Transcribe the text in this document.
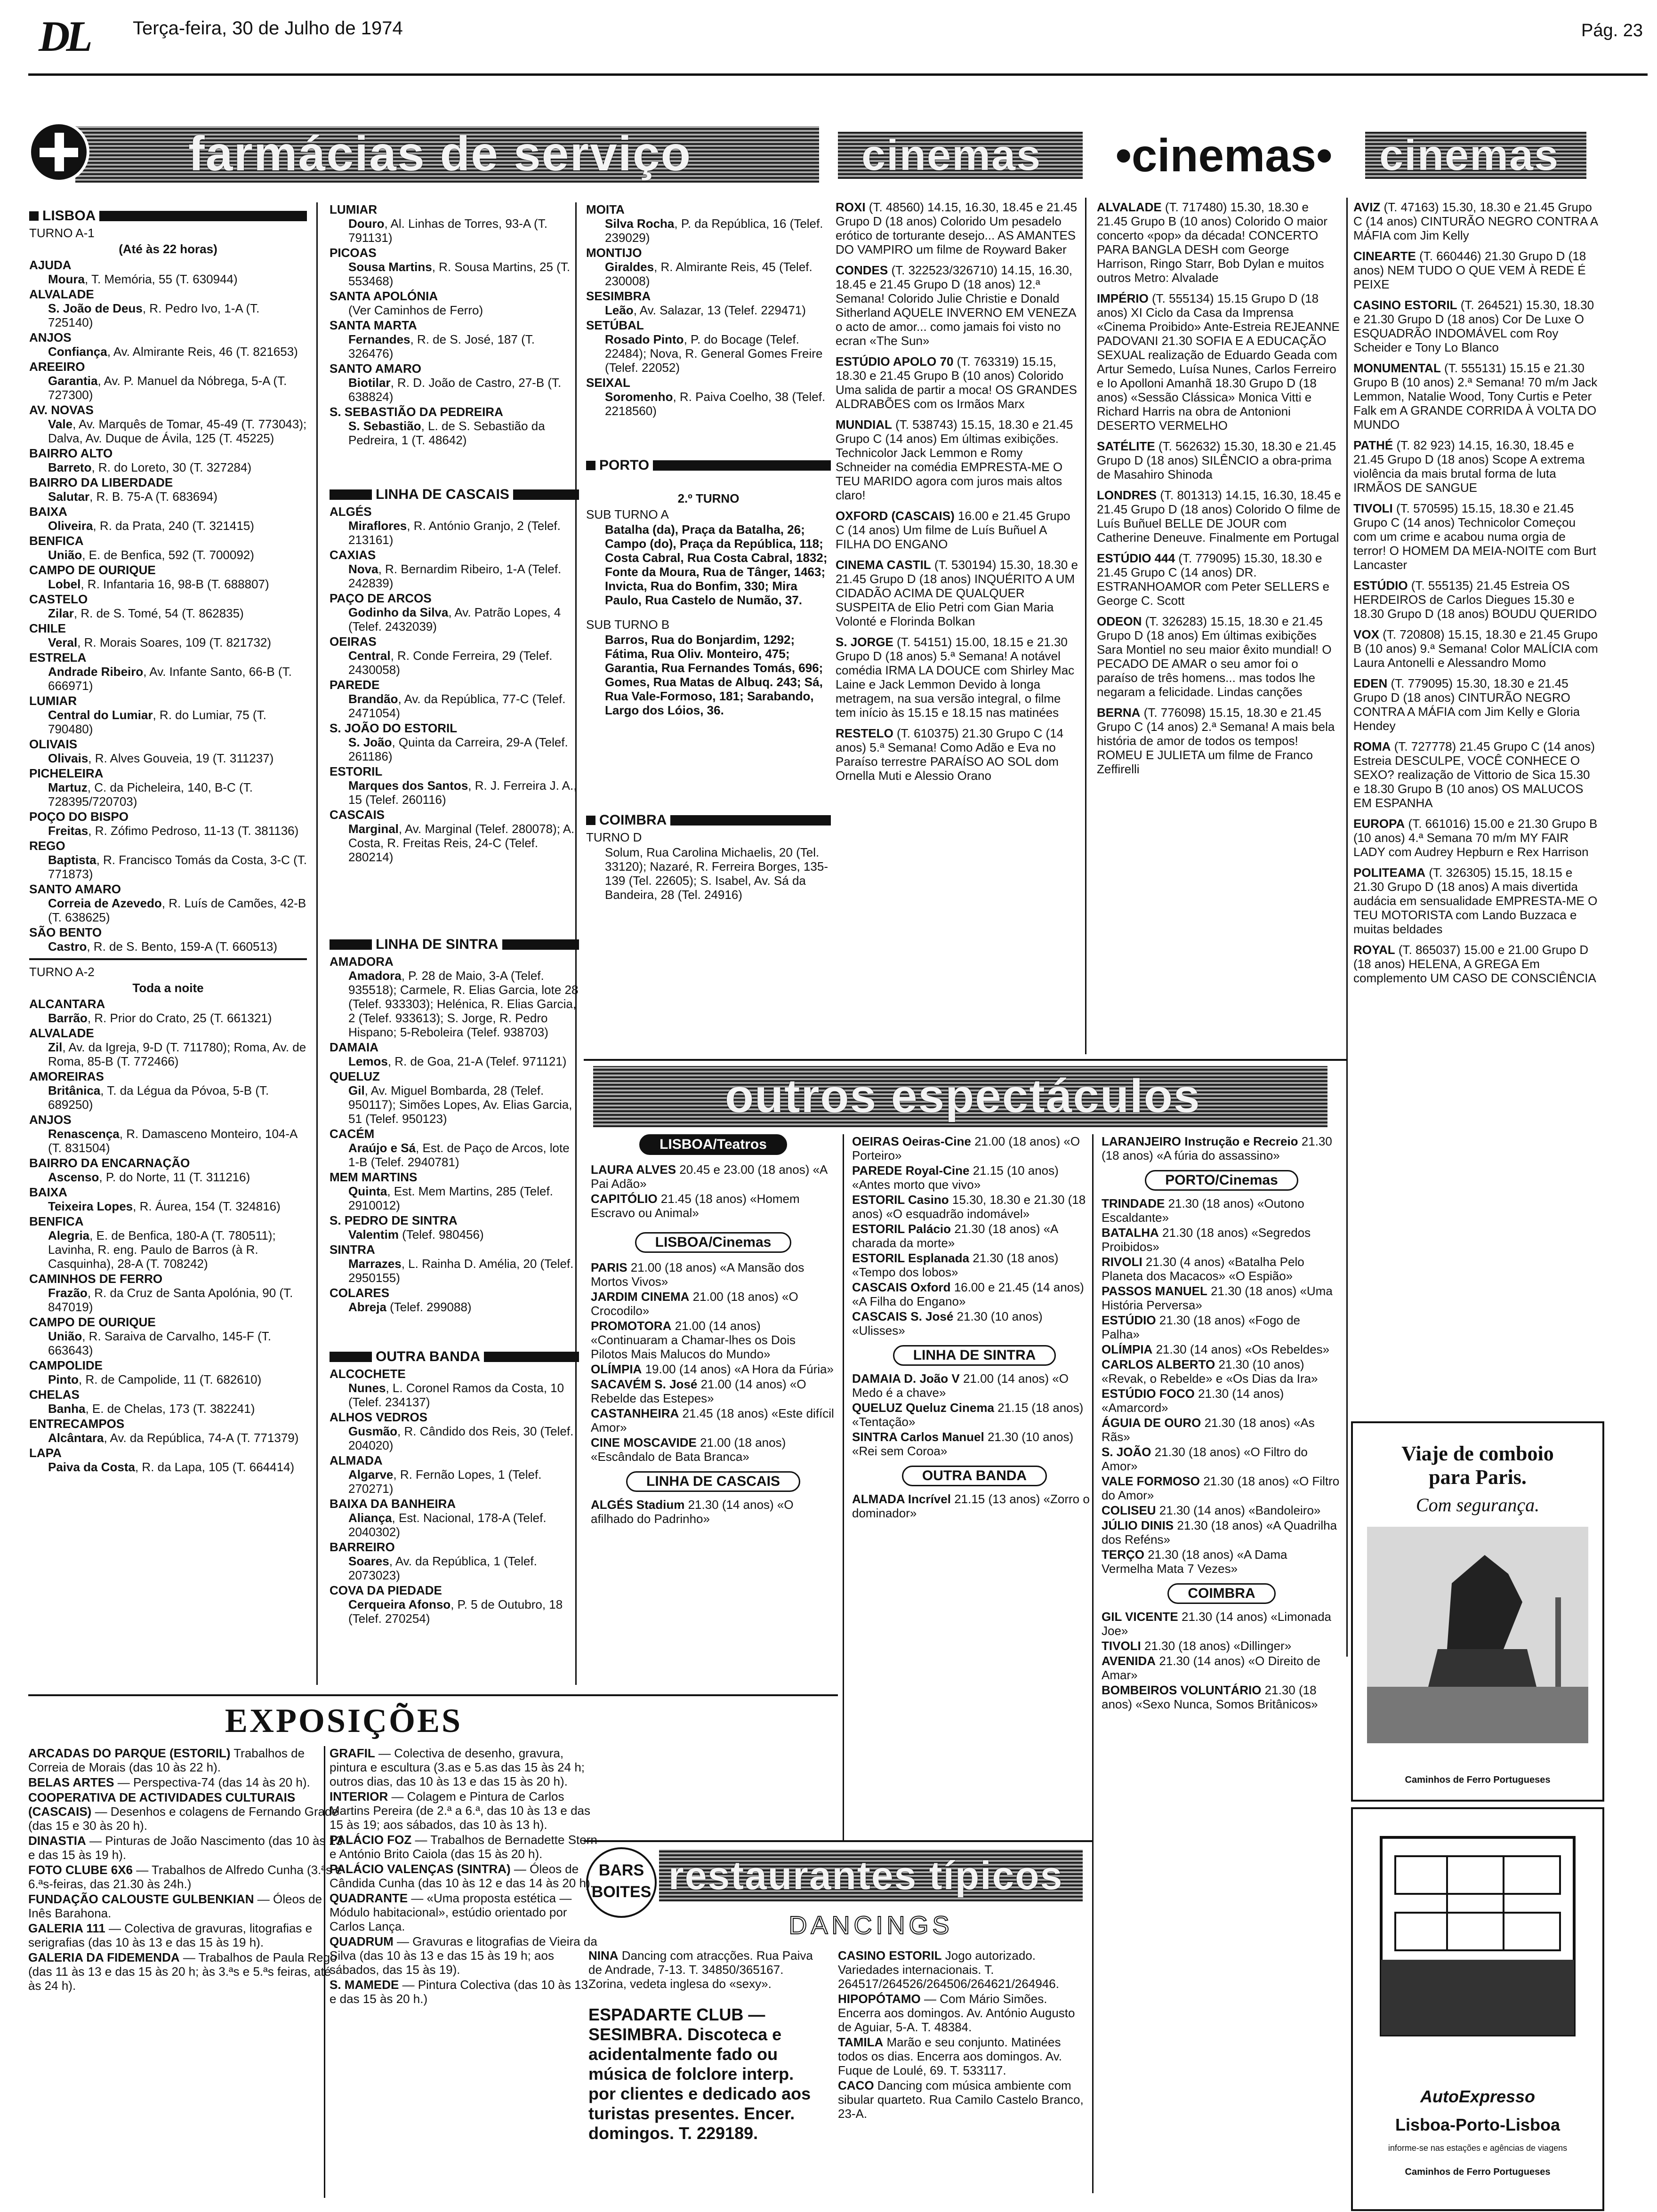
DL Terça-feira, 30 de Julho de 1974	Pág. 23
farmácias de serviço
LISBOA
TURNO A-1
(Até às 22 horas)
AJUDA
Moura, T. Memória, 55 (T. 630944)
ALVALADE
S. João de Deus, R. Pedro Ivo, 1-A (T. 725140)
ANJOS
Confiança, Av. Almirante Reis, 46 (T. 821653)
AREEIRO
Garantia, Av. P. Manuel da Nóbrega, 5-A (T. 727300)
AV. NOVAS
Vale, Av. Marquês de Tomar, 45-49 (T. 773043); Dalva, Av. Duque de Ávila, 125 (T. 45225)
BAIRRO ALTO
Barreto, R. do Loreto, 30 (T. 327284)
BAIRRO DA LIBERDADE
Salutar, R. B. 75-A (T. 683694)
BAIXA
Oliveira, R. da Prata, 240 (T. 321415)
BENFICA
União, E. de Benfica, 592 (T. 700092)
CAMPO DE OURIQUE
Lobel, R. Infantaria 16, 98-B (T. 688807)
CASTELO
Zilar, R. de S. Tomé, 54 (T. 862835)
CHILE
Veral, R. Morais Soares, 109 (T. 821732)
ESTRELA
Andrade Ribeiro, Av. Infante Santo, 66-B (T. 666971)
LUMIAR
Central do Lumiar, R. do Lumiar, 75 (T. 790480)
OLIVAIS
Olivais, R. Alves Gouveia, 19 (T. 311237)
PICHELEIRA
Martuz, C. da Picheleira, 140, B-C (T. 728395/720703)
POÇO DO BISPO
Freitas, R. Zófimo Pedroso, 11-13 (T. 381136)
REGO
Baptista, R. Francisco Tomás da Costa, 3-C (T. 771873)
SANTO AMARO
Correia de Azevedo, R. Luís de Camões, 42-B (T. 638625)
SÃO BENTO
Castro, R. de S. Bento, 159-A (T. 660513)
TURNO A-2
Toda a noite
ALCANTARA
Barrão, R. Prior do Crato, 25 (T. 661321)
ALVALADE
Zil, Av. da Igreja, 9-D (T. 711780); Roma, Av. de Roma, 85-B (T. 772466)
AMOREIRAS
Britânica, T. da Légua da Póvoa, 5-B (T. 689250)
ANJOS
Renascença, R. Damasceno Monteiro, 104-A (T. 831504)
BAIRRO DA ENCARNAÇÃO
Ascenso, P. do Norte, 11 (T. 311216)
BAIXA
Teixeira Lopes, R. Áurea, 154 (T. 324816)
BENFICA
Alegria, E. de Benfica, 180-A (T. 780511); Lavinha, R. eng. Paulo de Barros (à R. Casquinha), 28-A (T. 708242)
CAMINHOS DE FERRO
Frazão, R. da Cruz de Santa Apolónia, 90 (T. 847019)
CAMPO DE OURIQUE
União, R. Saraiva de Carvalho, 145-F (T. 663643)
CAMPOLIDE
Pinto, R. de Campolide, 11 (T. 682610)
CHELAS
Banha, E. de Chelas, 173 (T. 382241)
ENTRECAMPOS
Alcântara, Av. da República, 74-A (T. 771379)
LAPA
Paiva da Costa, R. da Lapa, 105 (T. 664414)
LUMIAR
Douro, Al. Linhas de Torres, 93-A (T. 791131)
PICOAS
Sousa Martins, R. Sousa Martins, 25 (T. 553468)
SANTA APOLÓNIA
(Ver Caminhos de Ferro)
SANTA MARTA
Fernandes, R. de S. José, 187 (T. 326476)
SANTO AMARO
Biotilar, R. D. João de Castro, 27-B (T. 638824)
S. SEBASTIÃO DA PEDREIRA
S. Sebastião, L. de S. Sebastião da Pedreira, 1 (T. 48642)
LINHA DE CASCAIS
ALGÉS
Miraflores, R. António Granjo, 2 (Telef. 213161)
CAXIAS
Nova, R. Bernardim Ribeiro, 1-A (Telef. 242839)
PAÇO DE ARCOS
Godinho da Silva, Av. Patrão Lopes, 4 (Telef. 2432039)
OEIRAS
Central, R. Conde Ferreira, 29 (Telef. 2430058)
PAREDE
Brandão, Av. da República, 77-C (Telef. 2471054)
S. JOÃO DO ESTORIL
S. João, Quinta da Carreira, 29-A (Telef. 261186)
ESTORIL
Marques dos Santos, R. J. Ferreira J. A., 15 (Telef. 260116)
CASCAIS
Marginal, Av. Marginal (Telef. 280078); A. Costa, R. Freitas Reis, 24-C (Telef. 280214)
LINHA DE SINTRA
AMADORA
Amadora, P. 28 de Maio, 3-A (Telef. 935518); Carmele, R. Elias Garcia, lote 28 (Telef. 933303); Helénica, R. Elias Garcia, 2 (Telef. 933613); S. Jorge, R. Pedro Hispano; 5-Reboleira (Telef. 938703)
DAMAIA
Lemos, R. de Goa, 21-A (Telef. 971121)
QUELUZ
Gil, Av. Miguel Bombarda, 28 (Telef. 950117); Simões Lopes, Av. Elias Garcia, 51 (Telef. 950123)
CACÉM
Araújo e Sá, Est. de Paço de Arcos, lote 1-B (Telef. 2940781)
MEM MARTINS
Quinta, Est. Mem Martins, 285 (Telef. 2910012)
S. PEDRO DE SINTRA
Valentim (Telef. 980456)
SINTRA
Marrazes, L. Rainha D. Amélia, 20 (Telef. 2950155)
COLARES
Abreja (Telef. 299088)
OUTRA BANDA
ALCOCHETE
Nunes, L. Coronel Ramos da Costa, 10 (Telef. 234137)
ALHOS VEDROS
Gusmão, R. Cândido dos Reis, 30 (Telef. 204020)
ALMADA
Algarve, R. Fernão Lopes, 1 (Telef. 270271)
BAIXA DA BANHEIRA
Aliança, Est. Nacional, 178-A (Telef. 2040302)
BARREIRO
Soares, Av. da República, 1 (Telef. 2073023)
COVA DA PIEDADE
Cerqueira Afonso, P. 5 de Outubro, 18 (Telef. 270254)
MOITA
Silva Rocha, P. da República, 16 (Telef. 239029)
MONTIJO
Giraldes, R. Almirante Reis, 45 (Telef. 230008)
SESIMBRA
Leão, Av. Salazar, 13 (Telef. 229471)
SETÚBAL
Rosado Pinto, P. do Bocage (Telef. 22484); Nova, R. General Gomes Freire (Telef. 22052)
SEIXAL
Soromenho, R. Paiva Coelho, 38 (Telef. 2218560)
PORTO
2.º TURNO
SUB TURNO A
Batalha (da), Praça da Batalha, 26; Campo (do), Praça da República, 118; Costa Cabral, Rua Costa Cabral, 1832; Fonte da Moura, Rua de Tânger, 1463; Invicta, Rua do Bonfim, 330; Mira Paulo, Rua Castelo de Numão, 37.
SUB TURNO B
Barros, Rua do Bonjardim, 1292; Fátima, Rua Oliv. Monteiro, 475; Garantia, Rua Fernandes Tomás, 696; Gomes, Rua Matas de Albuq. 243; Sá, Rua Vale-Formoso, 181; Sarabando, Largo dos Lóios, 36.
COIMBRA
TURNO D
Solum, Rua Carolina Michaelis, 20 (Tel. 33120); Nazaré, R. Ferreira Borges, 135-139 (Tel. 22605); S. Isabel, Av. Sá da Bandeira, 28 (Tel. 24916)
EXPOSIÇÕES
ARCADAS DO PARQUE (ESTORIL) Trabalhos de Correia de Morais (das 10 às 22 h).
BELAS ARTES — Perspectiva-74 (das 14 às 20 h).
COOPERATIVA DE ACTIVIDADES CULTURAIS (CASCAIS) — Desenhos e colagens de Fernando Grade (das 15 e 30 às 20 h).
DINASTIA — Pinturas de João Nascimento (das 10 às 13 e das 15 às 19 h).
FOTO CLUBE 6X6 — Trabalhos de Alfredo Cunha (3.ªs e 6.ªs-feiras, das 21.30 às 24h.)
FUNDAÇÃO CALOUSTE GULBENKIAN — Óleos de Inês Barahona.
GALERIA 111 — Colectiva de gravuras, litografias e serigrafias (das 10 às 13 e das 15 às 19 h).
GALERIA DA FIDEMENDA — Trabalhos de Paula Rego (das 11 às 13 e das 15 às 20 h; às 3.ªs e 5.ªs feiras, até às 24 h).
GRAFIL — Colectiva de desenho, gravura, pintura e escultura (3.as e 5.as das 15 às 24 h; outros dias, das 10 às 13 e das 15 às 20 h).
INTERIOR — Colagem e Pintura de Carlos Martins Pereira (de 2.ª a 6.ª, das 10 às 13 e das 15 às 19; aos sábados, das 10 às 13 h).
PALÁCIO FOZ — Trabalhos de Bernadette Stern e António Brito Caiola (das 15 às 20 h).
PALÁCIO VALENÇAS (SINTRA) — Óleos de Cândida Cunha (das 10 às 12 e das 14 às 20 h).
QUADRANTE — «Uma proposta estética — Módulo habitacional», estúdio orientado por Carlos Lança.
QUADRUM — Gravuras e litografias de Vieira da Silva (das 10 às 13 e das 15 às 19 h; aos sábados, das 15 às 19).
S. MAMEDE — Pintura Colectiva (das 10 às 13 e das 15 às 20 h.)
cinemas	•cinemas•	cinemas
ROXI (T. 48560) 14.15, 16.30, 18.45 e 21.45 Grupo D (18 anos) Colorido Um pesadelo erótico de torturante desejo... AS AMANTES DO VAMPIRO um filme de Royward Baker
CONDES (T. 322523/326710) 14.15, 16.30, 18.45 e 21.45 Grupo D (18 anos) 12.ª Semana! Colorido Julie Christie e Donald Sitherland AQUELE INVERNO EM VENEZA o acto de amor... como jamais foi visto no ecran «The Sun»
ESTÚDIO APOLO 70 (T. 763319) 15.15, 18.30 e 21.45 Grupo B (10 anos) Colorido Uma salida de partir a moca! OS GRANDES ALDRABÕES com os Irmãos Marx
MUNDIAL (T. 538743) 15.15, 18.30 e 21.45 Grupo C (14 anos) Em últimas exibições. Technicolor Jack Lemmon e Romy Schneider na comédia EMPRESTA-ME O TEU MARIDO agora com juros mais altos claro!
OXFORD (CASCAIS) 16.00 e 21.45 Grupo C (14 anos) Um filme de Luís Buñuel A FILHA DO ENGANO
CINEMA CASTIL (T. 530194) 15.30, 18.30 e 21.45 Grupo D (18 anos) INQUÉRITO A UM CIDADÃO ACIMA DE QUALQUER SUSPEITA de Elio Petri com Gian Maria Volonté e Florinda Bolkan
S. JORGE (T. 54151) 15.00, 18.15 e 21.30 Grupo D (18 anos) 5.ª Semana! A notável comédia IRMA LA DOUCE com Shirley Mac Laine e Jack Lemmon Devido à longa metragem, na sua versão integral, o filme tem início às 15.15 e 18.15 nas matinées
RESTELO (T. 610375) 21.30 Grupo C (14 anos) 5.ª Semana! Como Adão e Eva no Paraíso terrestre PARAÍSO AO SOL dom Ornella Muti e Alessio Orano
ALVALADE (T. 717480) 15.30, 18.30 e 21.45 Grupo B (10 anos) Colorido O maior concerto «pop» da década! CONCERTO PARA BANGLA DESH com George Harrison, Ringo Starr, Bob Dylan e muitos outros Metro: Alvalade
IMPÉRIO (T. 555134) 15.15 Grupo D (18 anos) XI Ciclo da Casa da Imprensa «Cinema Proibido» Ante-Estreia REJEANNE PADOVANI 21.30 SOFIA E A EDUCAÇÃO SEXUAL realização de Eduardo Geada com Artur Semedo, Luísa Nunes, Carlos Ferreiro e Io Apolloni Amanhã 18.30 Grupo D (18 anos) «Sessão Clássica» Monica Vitti e Richard Harris na obra de Antonioni DESERTO VERMELHO
SATÉLITE (T. 562632) 15.30, 18.30 e 21.45 Grupo D (18 anos) SILÊNCIO a obra-prima de Masahiro Shinoda
LONDRES (T. 801313) 14.15, 16.30, 18.45 e 21.45 Grupo D (18 anos) Colorido O filme de Luís Buñuel BELLE DE JOUR com Catherine Deneuve. Finalmente em Portugal
ESTÚDIO 444 (T. 779095) 15.30, 18.30 e 21.45 Grupo C (14 anos) DR. ESTRANHOAMOR com Peter SELLERS e George C. Scott
ODEON (T. 326283) 15.15, 18.30 e 21.45 Grupo D (18 anos) Em últimas exibições Sara Montiel no seu maior êxito mundial! O PECADO DE AMAR o seu amor foi o paraíso de três homens... mas todos lhe negaram a felicidade. Lindas canções
BERNA (T. 776098) 15.15, 18.30 e 21.45 Grupo C (14 anos) 2.ª Semana! A mais bela história de amor de todos os tempos! ROMEU E JULIETA um filme de Franco Zeffirelli
AVIZ (T. 47163) 15.30, 18.30 e 21.45 Grupo C (14 anos) CINTURÃO NEGRO CONTRA A MÁFIA com Jim Kelly
CINEARTE (T. 660446) 21.30 Grupo D (18 anos) NEM TUDO O QUE VEM À REDE É PEIXE
CASINO ESTORIL (T. 264521) 15.30, 18.30 e 21.30 Grupo D (18 anos) Cor De Luxe O ESQUADRÃO INDOMÁVEL com Roy Scheider e Tony Lo Blanco
MONUMENTAL (T. 555131) 15.15 e 21.30 Grupo B (10 anos) 2.ª Semana! 70 m/m Jack Lemmon, Natalie Wood, Tony Curtis e Peter Falk em A GRANDE CORRIDA À VOLTA DO MUNDO
PATHÉ (T. 82 923) 14.15, 16.30, 18.45 e 21.45 Grupo D (18 anos) Scope A extrema violência da mais brutal forma de luta IRMÃOS DE SANGUE
TIVOLI (T. 570595) 15.15, 18.30 e 21.45 Grupo C (14 anos) Technicolor Começou com um crime e acabou numa orgia de terror! O HOMEM DA MEIA-NOITE com Burt Lancaster
ESTÚDIO (T. 555135) 21.45 Estreia OS HERDEIROS de Carlos Diegues 15.30 e 18.30 Grupo D (18 anos) BOUDU QUERIDO
VOX (T. 720808) 15.15, 18.30 e 21.45 Grupo B (10 anos) 9.ª Semana! Color MALÍCIA com Laura Antonelli e Alessandro Momo
EDEN (T. 779095) 15.30, 18.30 e 21.45 Grupo D (18 anos) CINTURÃO NEGRO CONTRA A MÁFIA com Jim Kelly e Gloria Hendey
ROMA (T. 727778) 21.45 Grupo C (14 anos) Estreia DESCULPE, VOCÊ CONHECE O SEXO? realização de Vittorio de Sica 15.30 e 18.30 Grupo B (10 anos) OS MALUCOS EM ESPANHA
EUROPA (T. 661016) 15.00 e 21.30 Grupo B (10 anos) 4.ª Semana 70 m/m MY FAIR LADY com Audrey Hepburn e Rex Harrison
POLITEAMA (T. 326305) 15.15, 18.15 e 21.30 Grupo D (18 anos) A mais divertida audácia em sensualidade EMPRESTA-ME O TEU MOTORISTA com Lando Buzzaca e muitas beldades
ROYAL (T. 865037) 15.00 e 21.00 Grupo D (18 anos) HELENA, A GREGA Em complemento UM CASO DE CONSCIÊNCIA
outros espectáculos
LISBOA/Teatros
LAURA ALVES 20.45 e 23.00 (18 anos) «A Pai Adão»
CAPITÓLIO 21.45 (18 anos) «Homem Escravo ou Animal»
LISBOA/Cinemas
PARIS 21.00 (18 anos) «A Mansão dos Mortos Vivos»
JARDIM CINEMA 21.00 (18 anos) «O Crocodilo»
PROMOTORA 21.00 (14 anos) «Continuaram a Chamar-lhes os Dois Pilotos Mais Malucos do Mundo»
OLÍMPIA 19.00 (14 anos) «A Hora da Fúria»
SACAVÉM S. José 21.00 (14 anos) «O Rebelde das Estepes»
CASTANHEIRA 21.45 (18 anos) «Este difícil Amor»
CINE MOSCAVIDE 21.00 (18 anos) «Escândalo de Bata Branca»
LINHA DE CASCAIS
ALGÉS Stadium 21.30 (14 anos) «O afilhado do Padrinho»
OEIRAS Oeiras-Cine 21.00 (18 anos) «O Porteiro»
PAREDE Royal-Cine 21.15 (10 anos) «Antes morto que vivo»
ESTORIL Casino 15.30, 18.30 e 21.30 (18 anos) «O esquadrão indomável»
ESTORIL Palácio 21.30 (18 anos) «A charada da morte»
ESTORIL Esplanada 21.30 (18 anos) «Tempo dos lobos»
CASCAIS Oxford 16.00 e 21.45 (14 anos) «A Filha do Engano»
CASCAIS S. José 21.30 (10 anos) «Ulisses»
LINHA DE SINTRA
DAMAIA D. João V 21.00 (14 anos) «O Medo é a chave»
QUELUZ Queluz Cinema 21.15 (18 anos) «Tentação»
SINTRA Carlos Manuel 21.30 (10 anos) «Rei sem Coroa»
OUTRA BANDA
ALMADA Incrível 21.15 (13 anos) «Zorro o dominador»
LARANJEIRO Instrução e Recreio 21.30 (18 anos) «A fúria do assassino»
PORTO/Cinemas
TRINDADE 21.30 (18 anos) «Outono Escaldante»
BATALHA 21.30 (18 anos) «Segredos Proibidos»
RIVOLI 21.30 (4 anos) «Batalha Pelo Planeta dos Macacos» «O Espião»
PASSOS MANUEL 21.30 (18 anos) «Uma História Perversa»
ESTÚDIO 21.30 (18 anos) «Fogo de Palha»
OLÍMPIA 21.30 (14 anos) «Os Rebeldes»
CARLOS ALBERTO 21.30 (10 anos) «Revak, o Rebelde» e «Os Dias da Ira»
ESTÚDIO FOCO 21.30 (14 anos) «Amarcord»
ÁGUIA DE OURO 21.30 (18 anos) «As Rãs»
S. JOÃO 21.30 (18 anos) «O Filtro do Amor»
VALE FORMOSO 21.30 (18 anos) «O Filtro do Amor»
COLISEU 21.30 (14 anos) «Bandoleiro»
JÚLIO DINIS 21.30 (18 anos) «A Quadrilha dos Reféns»
TERÇO 21.30 (18 anos) «A Dama Vermelha Mata 7 Vezes»
COIMBRA
GIL VICENTE 21.30 (14 anos) «Limonada Joe»
TIVOLI 21.30 (18 anos) «Dillinger»
AVENIDA 21.30 (14 anos) «O Direito de Amar»
BOMBEIROS VOLUNTÁRIO 21.30 (18 anos) «Sexo Nunca, Somos Britânicos»
BARS
BOITES restaurantes típicos
DANCINGS
NINA Dancing com atracções. Rua Paiva de Andrade, 7-13. T. 34850/365167. Zorina, vedeta inglesa do «sexy».
ESPADARTE CLUB — SESIMBRA. Discoteca e acidentalmente fado ou música de folclore interp. por clientes e dedicado aos turistas presentes. Encer. domingos. T. 229189.
CASINO ESTORIL Jogo autorizado. Variedades internacionais. T. 264517/264526/264506/264621/264946.
HIPOPÓTAMO — Com Mário Simões. Encerra aos domingos. Av. António Augusto de Aguiar, 5-A. T. 48384.
TAMILA Marão e seu conjunto. Matinées todos os dias. Encerra aos domingos. Av. Fuque de Loulé, 69. T. 533117.
CACO Dancing com música ambiente com sibular quarteto. Rua Camilo Castelo Branco, 23-A.
Viaje de comboio
para Paris.
Com segurança.
Caminhos de Ferro Portugueses
AutoExpresso
Lisboa-Porto-Lisboa
informe-se nas estações e agências de viagens
Caminhos de Ferro Portugueses
